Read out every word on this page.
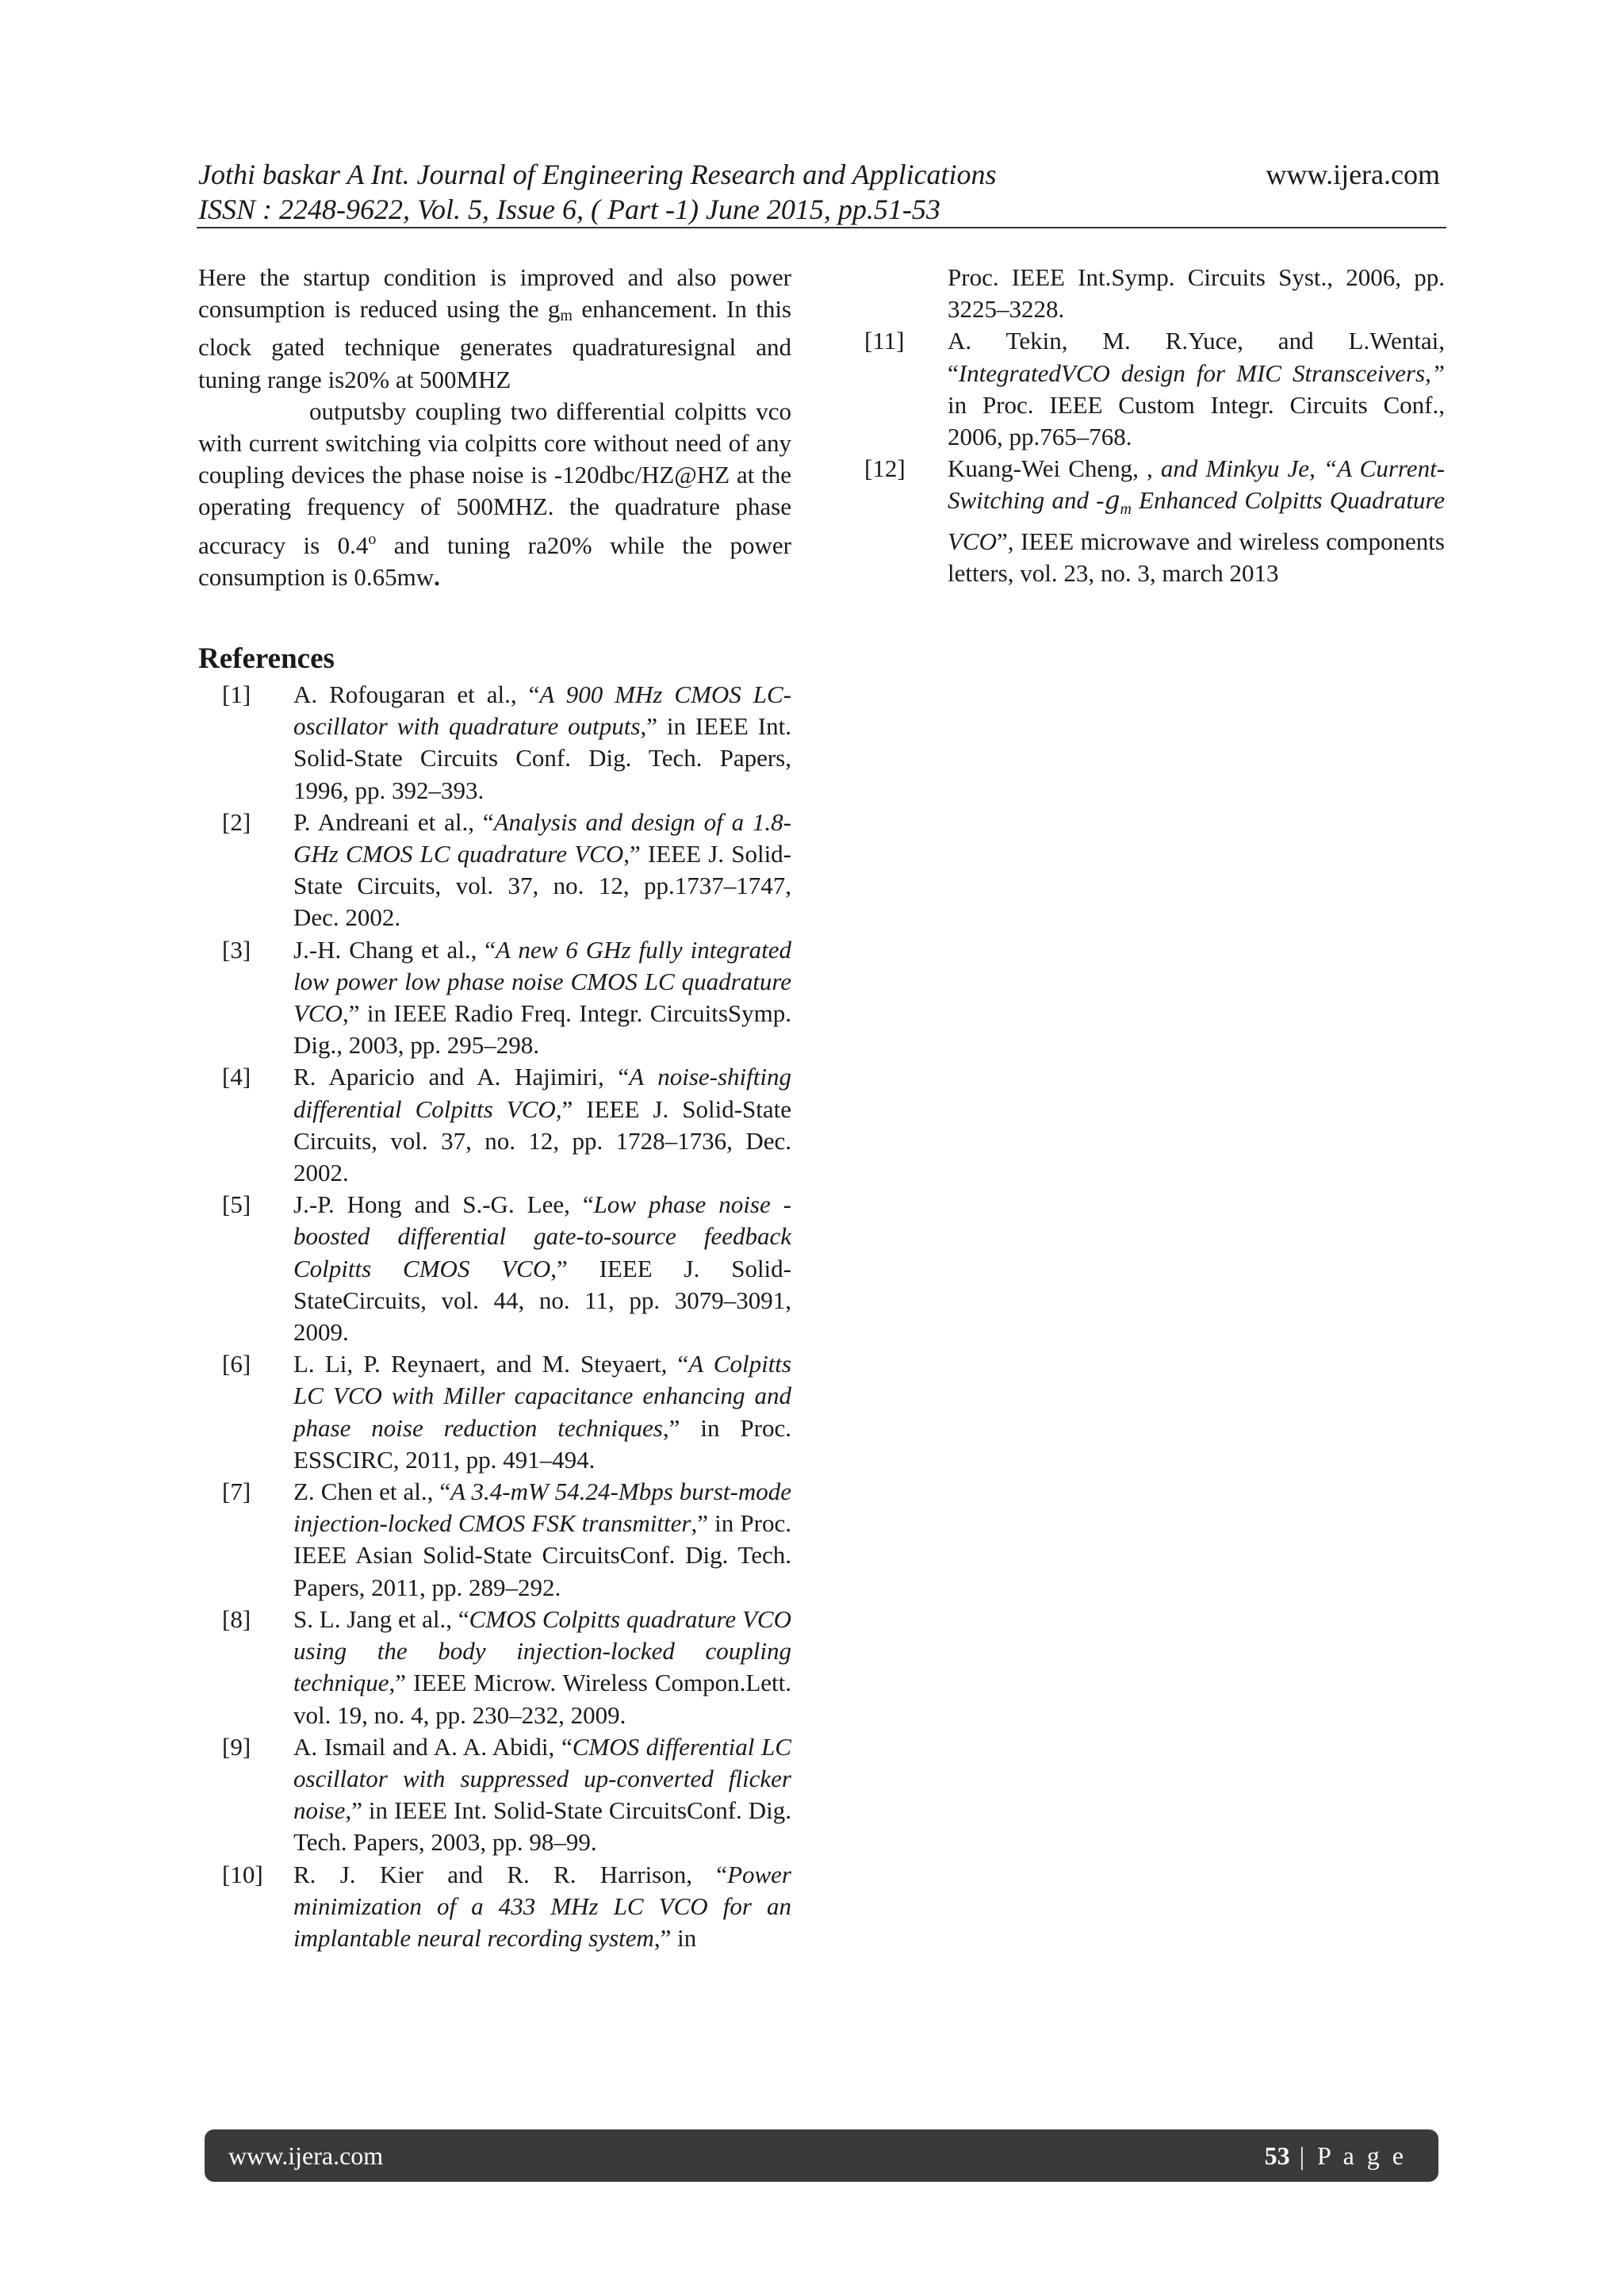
Jothi baskar A Int. Journal of Engineering Research and Applications
ISSN : 2248-9622, Vol. 5, Issue 6, ( Part -1) June 2015, pp.51-53
www.ijera.com

Here the startup condition is improved and also power consumption is reduced using the $g_m$ enhancement. In this clock gated technique generates quadraturesignal and tuning range is20% at 500MHZ

outputsby coupling two differential colpitts vco with current switching via colpitts core without need of any coupling devices the phase noise is -120dbc/HZ@HZ at the operating frequency of 500MHZ. the quadrature phase accuracy is 0.4$^o$ and tuning ra20% while the power consumption is 0.65mw.

References
[1]	A. Rofougaran et al., “A 900 MHz CMOS LC-oscillator with quadrature outputs,” in IEEE Int. Solid-State Circuits Conf. Dig. Tech. Papers, 1996, pp. 392–393.
[2]	P. Andreani et al., “Analysis and design of a 1.8-GHz CMOS LC quadrature VCO,” IEEE J. Solid-State Circuits, vol. 37, no. 12, pp.1737–1747, Dec. 2002.
[3]	J.-H. Chang et al., “A new 6 GHz fully integrated low power low phase noise CMOS LC quadrature VCO,” in IEEE Radio Freq. Integr. CircuitsSymp. Dig., 2003, pp. 295–298.
[4]	R. Aparicio and A. Hajimiri, “A noise-shifting differential Colpitts VCO,” IEEE J. Solid-State Circuits, vol. 37, no. 12, pp. 1728–1736, Dec. 2002.
[5]	J.-P. Hong and S.-G. Lee, “Low phase noise -boosted differential gate-to-source feedback Colpitts CMOS VCO,” IEEE J. Solid-StateCircuits, vol. 44, no. 11, pp. 3079–3091, 2009.
[6]	L. Li, P. Reynaert, and M. Steyaert, “A Colpitts LC VCO with Miller capacitance enhancing and phase noise reduction techniques,” in Proc. ESSCIRC, 2011, pp. 491–494.
[7]	Z. Chen et al., “A 3.4-mW 54.24-Mbps burst-mode injection-locked CMOS FSK transmitter,” in Proc. IEEE Asian Solid-State CircuitsConf. Dig. Tech. Papers, 2011, pp. 289–292.
[8]	S. L. Jang et al., “CMOS Colpitts quadrature VCO using the body injection-locked coupling technique,” IEEE Microw. Wireless Compon.Lett. vol. 19, no. 4, pp. 230–232, 2009.
[9]	A. Ismail and A. A. Abidi, “CMOS differential LC oscillator with suppressed up-converted flicker noise,” in IEEE Int. Solid-State CircuitsConf. Dig. Tech. Papers, 2003, pp. 98–99.
[10]	R. J. Kier and R. R. Harrison, “Power minimization of a 433 MHz LC VCO for an implantable neural recording system,” in
Proc. IEEE Int.Symp. Circuits Syst., 2006, pp. 3225–3228.
[11]	A. Tekin, M. R.Yuce, and L.Wentai, “IntegratedVCO design for MIC Stransceivers,” in Proc. IEEE Custom Integr. Circuits Conf., 2006, pp.765–768.
[12]	Kuang-Wei Cheng, , and Minkyu Je, “A Current-Switching and $-g_m$ Enhanced Colpitts Quadrature VCO”, IEEE microwave and wireless components letters, vol. 23, no. 3, march 2013
www.ijera.com	53 | P a g e
